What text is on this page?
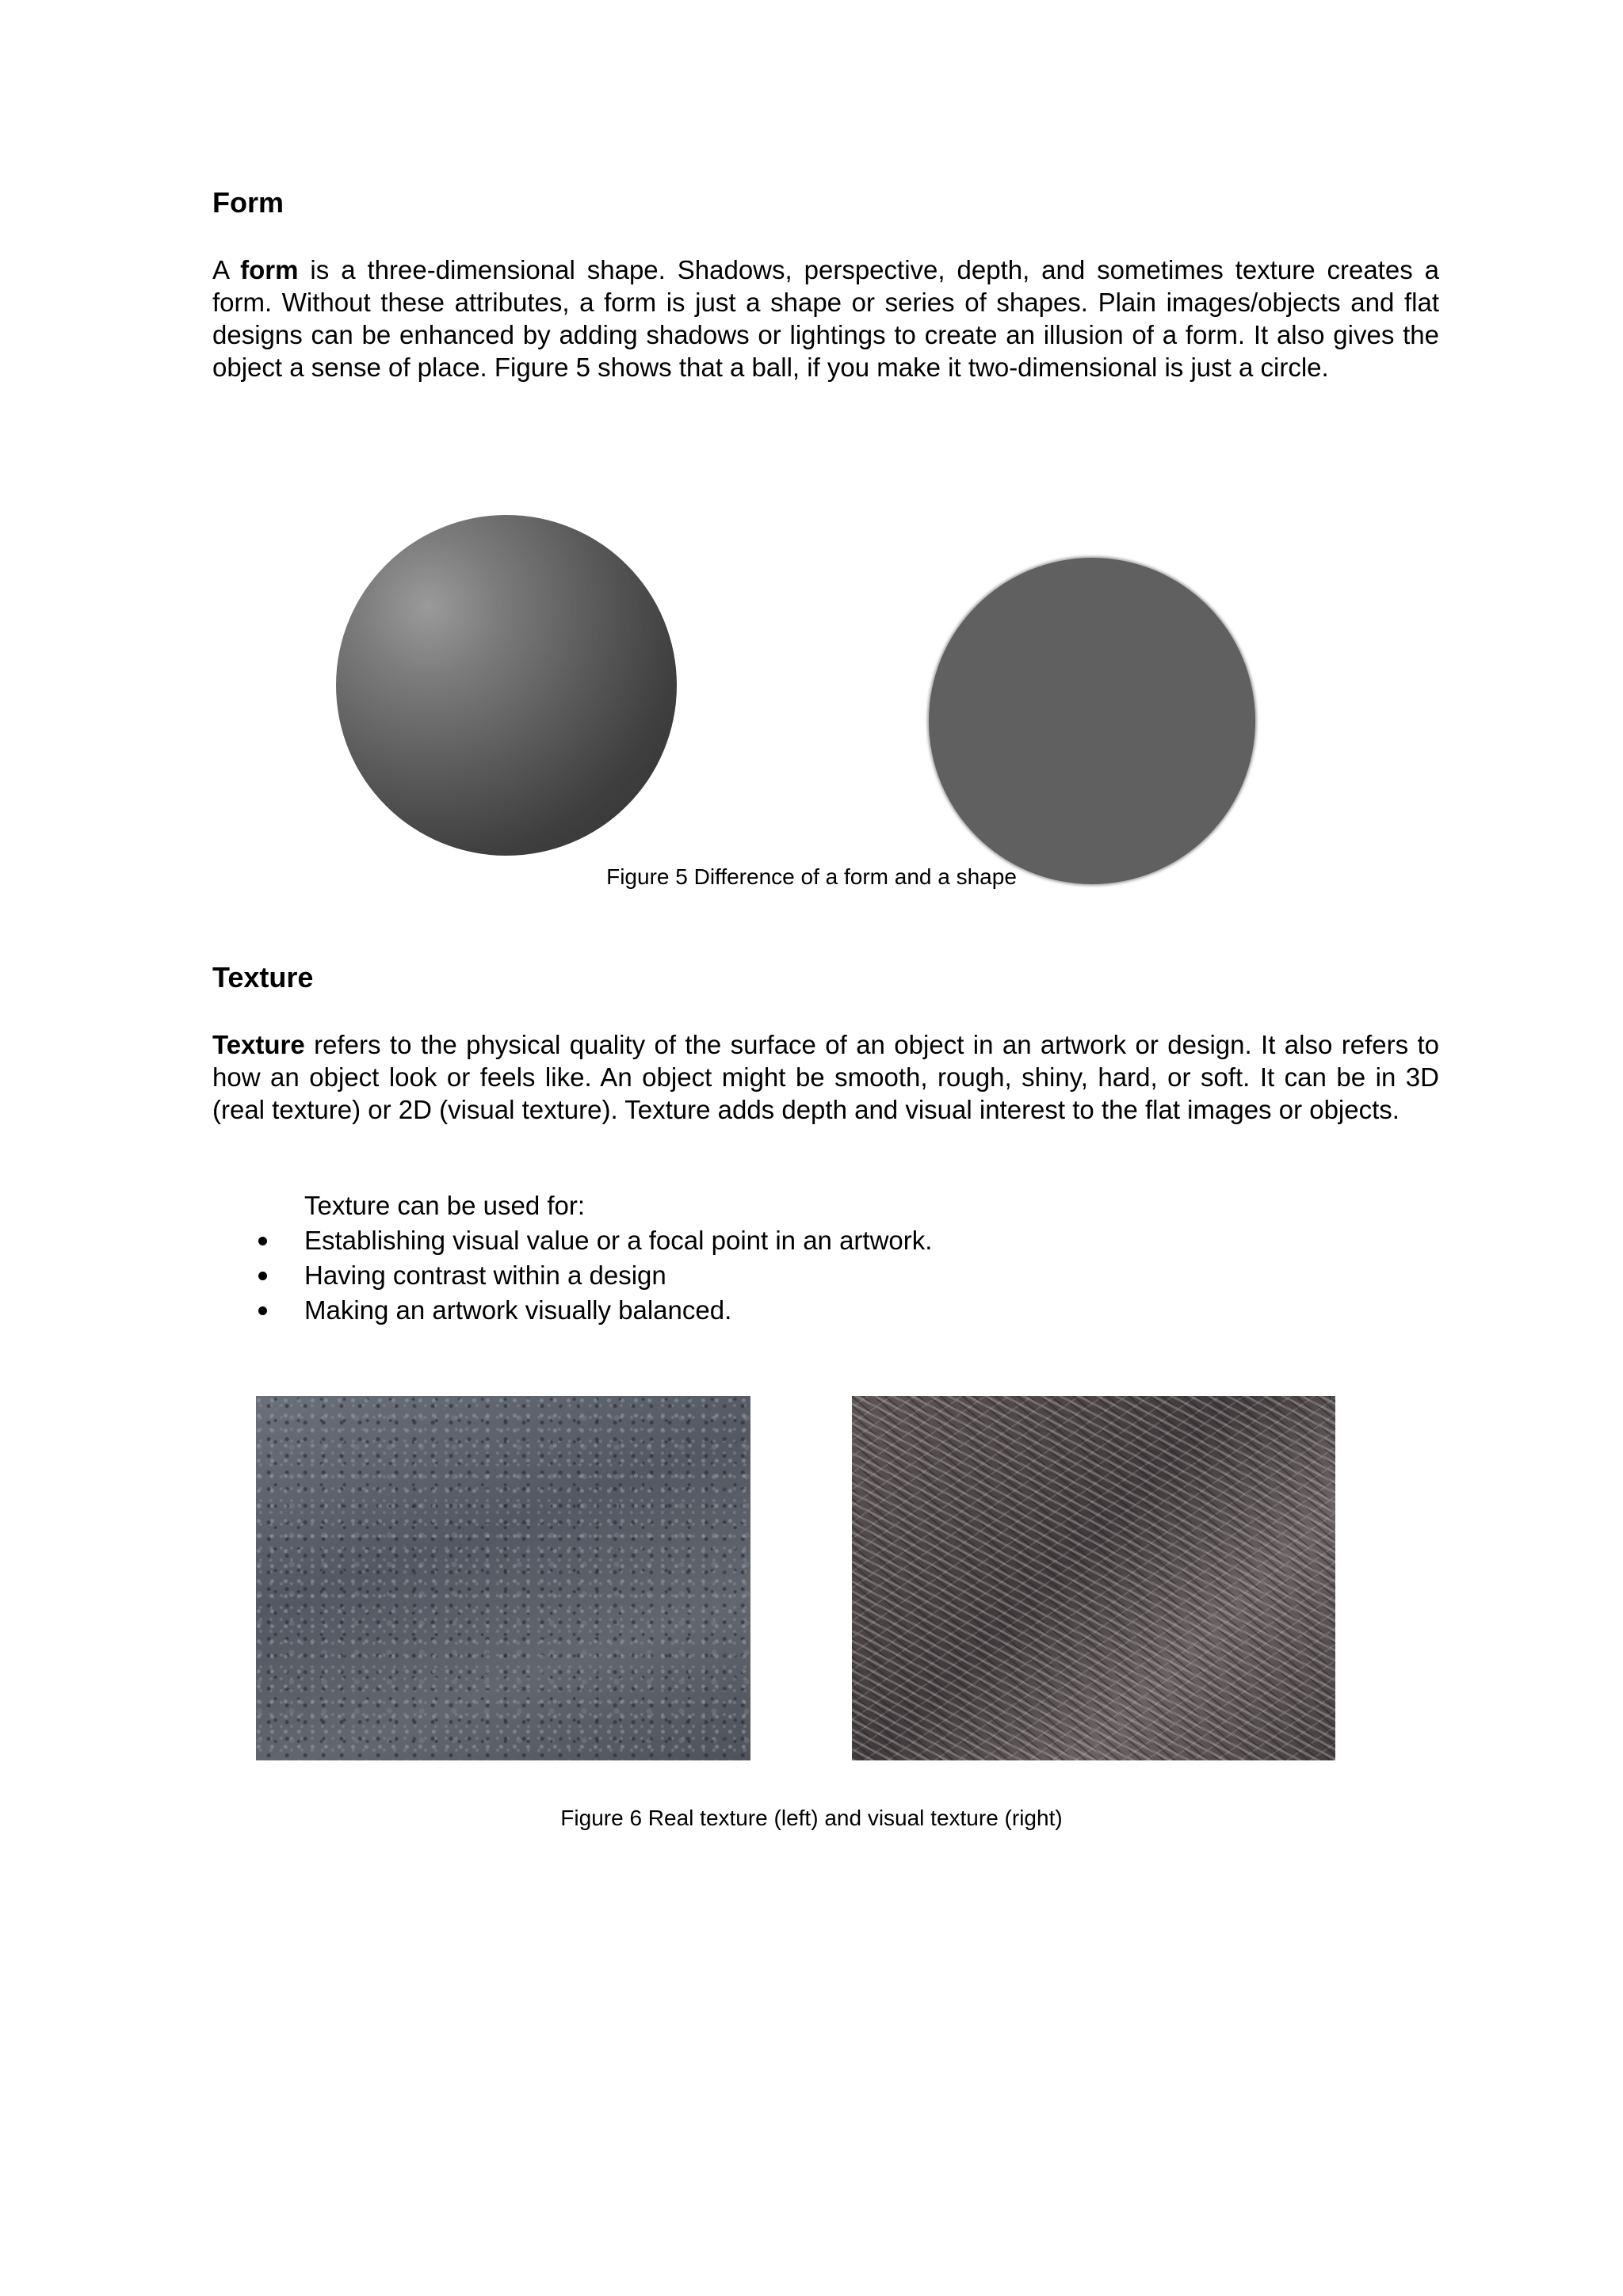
Form

A form is a three-dimensional shape. Shadows, perspective, depth, and sometimes texture creates a form. Without these attributes, a form is just a shape or series of shapes. Plain images/objects and flat designs can be enhanced by adding shadows or lightings to create an illusion of a form. It also gives the object a sense of place. Figure 5 shows that a ball, if you make it two-dimensional is just a circle.

Figure 5 Difference of a form and a shape

Texture

Texture refers to the physical quality of the surface of an object in an artwork or design. It also refers to how an object look or feels like. An object might be smooth, rough, shiny, hard, or soft. It can be in 3D (real texture) or 2D (visual texture). Texture adds depth and visual interest to the flat images or objects.

Texture can be used for:
Establishing visual value or a focal point in an artwork.
Having contrast within a design
Making an artwork visually balanced.

Figure 6 Real texture (left) and visual texture (right)
